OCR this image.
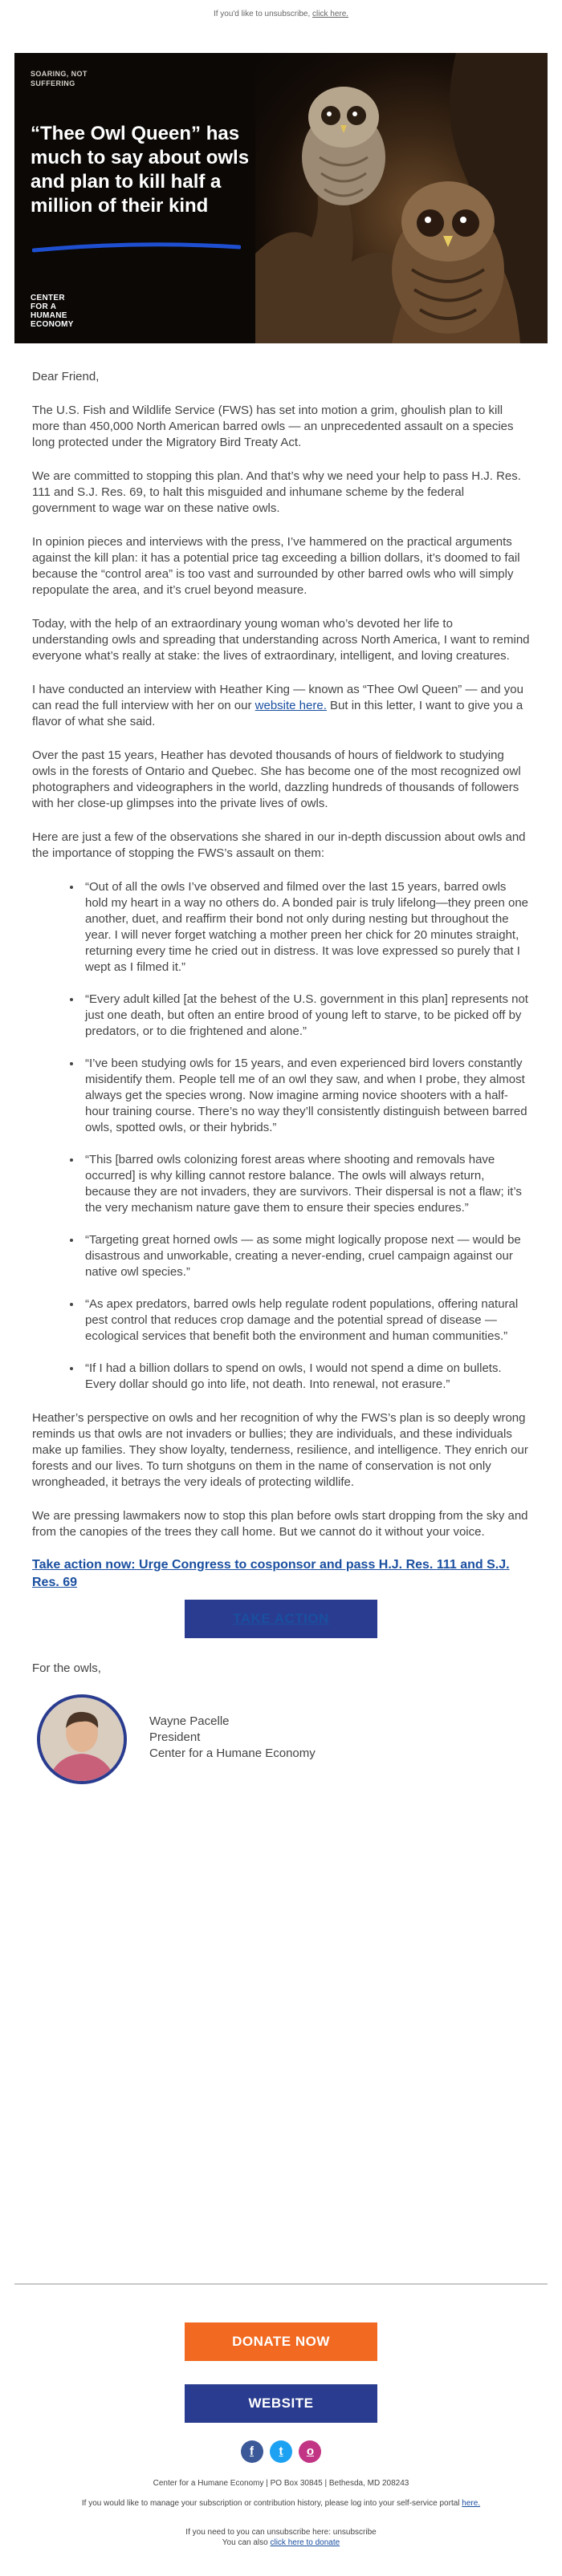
If you'd like to unsubscribe, click here.
SOARING, NOT SUFFERING
“Thee Owl Queen” has much to say about owls and plan to kill half a million of their kind
CENTER
FOR A
HUMANE
ECONOMY

Dear Friend,

The U.S. Fish and Wildlife Service (FWS) has set into motion a grim, ghoulish plan to kill more than 450,000 North American barred owls — an unprecedented assault on a species long protected under the Migratory Bird Treaty Act.

We are committed to stopping this plan. And that’s why we need your help to pass H.J. Res. 111 and S.J. Res. 69, to halt this misguided and inhumane scheme by the federal government to wage war on these native owls.

In opinion pieces and interviews with the press, I’ve hammered on the practical arguments against the kill plan: it has a potential price tag exceeding a billion dollars, it’s doomed to fail because the “control area” is too vast and surrounded by other barred owls who will simply repopulate the area, and it’s cruel beyond measure.

Today, with the help of an extraordinary young woman who’s devoted her life to understanding owls and spreading that understanding across North America, I want to remind everyone what’s really at stake: the lives of extraordinary, intelligent, and loving creatures.

I have conducted an interview with Heather King — known as “Thee Owl Queen” — and you can read the full interview with her on our website here. But in this letter, I want to give you a flavor of what she said.

Over the past 15 years, Heather has devoted thousands of hours of fieldwork to studying owls in the forests of Ontario and Quebec. She has become one of the most recognized owl photographers and videographers in the world, dazzling hundreds of thousands of followers with her close-up glimpses into the private lives of owls.

Here are just a few of the observations she shared in our in-depth discussion about owls and the importance of stopping the FWS’s assault on them:

• “Out of all the owls I’ve observed and filmed over the last 15 years, barred owls hold my heart in a way no others do. A bonded pair is truly lifelong—they preen one another, duet, and reaffirm their bond not only during nesting but throughout the year. I will never forget watching a mother preen her chick for 20 minutes straight, returning every time he cried out in distress. It was love expressed so purely that I wept as I filmed it.”
• “Every adult killed [at the behest of the U.S. government in this plan] represents not just one death, but often an entire brood of young left to starve, to be picked off by predators, or to die frightened and alone.”
• “I’ve been studying owls for 15 years, and even experienced bird lovers constantly misidentify them. People tell me of an owl they saw, and when I probe, they almost always get the species wrong. Now imagine arming novice shooters with a half-hour training course. There’s no way they’ll consistently distinguish between barred owls, spotted owls, or their hybrids.”
• “This [barred owls colonizing forest areas where shooting and removals have occurred] is why killing cannot restore balance. The owls will always return, because they are not invaders, they are survivors. Their dispersal is not a flaw; it’s the very mechanism nature gave them to ensure their species endures.”
• “Targeting great horned owls — as some might logically propose next — would be disastrous and unworkable, creating a never-ending, cruel campaign against our native owl species.”
• “As apex predators, barred owls help regulate rodent populations, offering natural pest control that reduces crop damage and the potential spread of disease — ecological services that benefit both the environment and human communities.”
• “If I had a billion dollars to spend on owls, I would not spend a dime on bullets. Every dollar should go into life, not death. Into renewal, not erasure.”

Heather’s perspective on owls and her recognition of why the FWS’s plan is so deeply wrong reminds us that owls are not invaders or bullies; they are individuals, and these individuals make up families. They show loyalty, tenderness, resilience, and intelligence. They enrich our forests and our lives. To turn shotguns on them in the name of conservation is not only wrongheaded, it betrays the very ideals of protecting wildlife.

We are pressing lawmakers now to stop this plan before owls start dropping from the sky and from the canopies of the trees they call home. But we cannot do it without your voice.

Take action now: Urge Congress to cosponsor and pass H.J. Res. 111 and S.J. Res. 69
TAKE ACTION

For the owls,

Wayne Pacelle
President
Center for a Humane Economy
DONATE NOW
WEBSITE
f t o
Center for a Humane Economy | PO Box 30845 | Bethesda, MD 208243
If you would like to manage your subscription or contribution history, please log into your self-service portal here.
If you need to you can unsubscribe here: unsubscribe
You can also click here to donate
